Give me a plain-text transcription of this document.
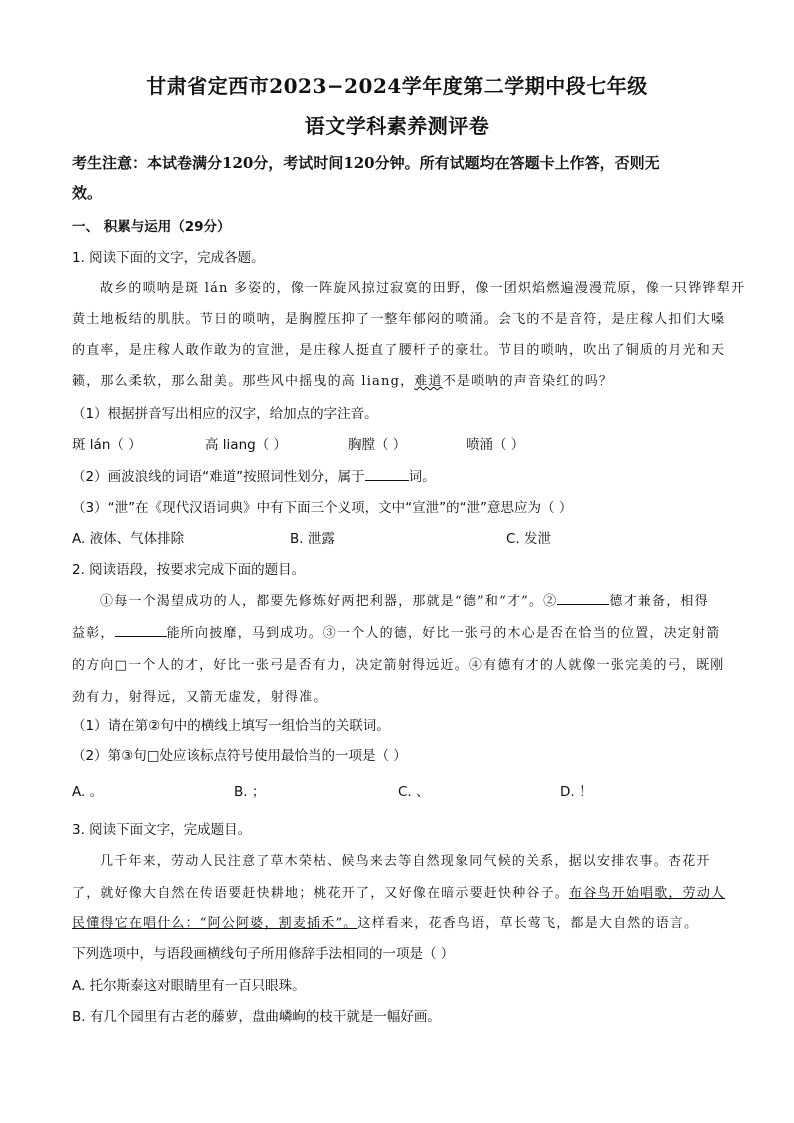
甘肃省定西市2023−2024学年度第二学期中段七年级
语文学科素养测评卷
考生注意：本试卷满分120分，考试时间120分钟。所有试题均在答题卡上作答，否则无
效。
一、 积累与运用（29分）
1. 阅读下面的文字，完成各题。
故乡的唢呐是斑 lán 多姿的，像一阵旋风掠过寂寞的田野，像一团炽焰燃遍漫漫荒原，像一只铧铧犁开
黄土地板结的肌肤。节日的唢呐，是胸膛压抑了一整年郁闷的喷涌。会飞的不是音符，是庄稼人扣们大嗓
的直率，是庄稼人敢作敢为的宣泄，是庄稼人挺直了腰杆子的豪壮。节目的唢呐，吹出了铜质的月光和天
籁，那么柔软，那么甜美。那些风中摇曳的高 liang，难道不是唢呐的声音染红的吗？
（1）根据拼音写出相应的汉字，给加点的字注音。
斑 lán（ ）	高 liang（ ）	胸膛（ ）	喷涌（ ）
（2）画波浪线的词语“难道”按照词性划分，属于	词。
（3）“泄”在《现代汉语词典》中有下面三个义项，文中“宣泄”的“泄”意思应为（ ）
A. 液体、气体排除	B. 泄露	C. 发泄
2. 阅读语段，按要求完成下面的题目。
①每一个渴望成功的人，都要先修炼好两把利器，那就是“德”和“才”。②	德才兼备，相得
益彰，	能所向披靡，马到成功。③一个人的德，好比一张弓的木心是否在恰当的位置，决定射箭
的方向□一个人的才，好比一张弓是否有力，决定箭射得远近。④有德有才的人就像一张完美的弓，既刚
劲有力，射得远，又箭无虚发，射得准。
（1）请在第②句中的横线上填写一组恰当的关联词。
（2）第③句□处应该标点符号使用最恰当的一项是（ ）
A. 。	B. ；	C. 、	D. ！
3. 阅读下面文字，完成题目。
几千年来，劳动人民注意了草木荣枯、候鸟来去等自然现象同气候的关系，据以安排农事。杏花开
了，就好像大自然在传语要赶快耕地；桃花开了，又好像在暗示要赶快种谷子。布谷鸟开始唱歌，劳动人
民懂得它在唱什么：“阿公阿婆，割麦插禾”。这样看来，花香鸟语，草长莺飞，都是大自然的语言。
下列选项中，与语段画横线句子所用修辞手法相同的一项是（ ）
A. 托尔斯泰这对眼睛里有一百只眼珠。
B. 有几个园里有古老的藤萝，盘曲嶙峋的枝干就是一幅好画。
